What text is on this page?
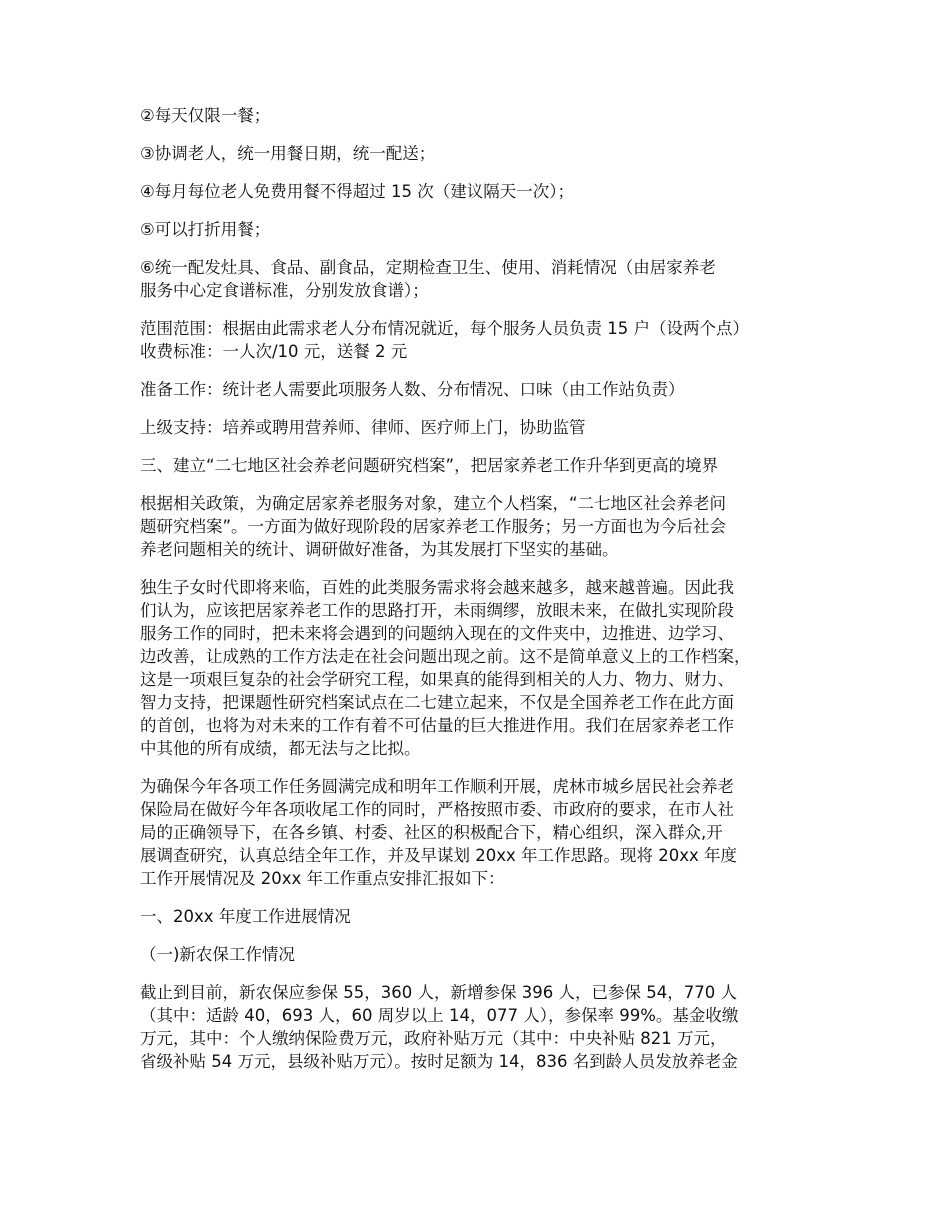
②每天仅限一餐；
③协调老人，统一用餐日期，统一配送；
④每月每位老人免费用餐不得超过 15 次（建议隔天一次）；
⑤可以打折用餐；
⑥统一配发灶具、食品、副食品，定期检查卫生、使用、消耗情况（由居家养老
服务中心定食谱标准，分别发放食谱）；
范围范围：根据由此需求老人分布情况就近，每个服务人员负责 15 户（设两个点）
收费标准：一人次/10 元，送餐 2 元
准备工作：统计老人需要此项服务人数、分布情况、口味（由工作站负责）
上级支持：培养或聘用营养师、律师、医疗师上门，协助监管
三、建立“二七地区社会养老问题研究档案”，把居家养老工作升华到更高的境界
根据相关政策，为确定居家养老服务对象，建立个人档案，“二七地区社会养老问
题研究档案”。一方面为做好现阶段的居家养老工作服务；另一方面也为今后社会
养老问题相关的统计、调研做好准备，为其发展打下坚实的基础。
独生子女时代即将来临，百姓的此类服务需求将会越来越多，越来越普遍。因此我
们认为，应该把居家养老工作的思路打开，未雨绸缪，放眼未来，在做扎实现阶段
服务工作的同时，把未来将会遇到的问题纳入现在的文件夹中，边推进、边学习、
边改善，让成熟的工作方法走在社会问题出现之前。这不是简单意义上的工作档案，
这是一项艰巨复杂的社会学研究工程，如果真的能得到相关的人力、物力、财力、
智力支持，把课题性研究档案试点在二七建立起来，不仅是全国养老工作在此方面
的首创，也将为对未来的工作有着不可估量的巨大推进作用。我们在居家养老工作
中其他的所有成绩，都无法与之比拟。
为确保今年各项工作任务圆满完成和明年工作顺利开展，虎林市城乡居民社会养老
保险局在做好今年各项收尾工作的同时，严格按照市委、市政府的要求，在市人社
局的正确领导下，在各乡镇、村委、社区的积极配合下，精心组织，深入群众,开
展调查研究，认真总结全年工作，并及早谋划 20xx 年工作思路。现将 20xx 年度
工作开展情况及 20xx 年工作重点安排汇报如下：
一、20xx 年度工作进展情况
（一)新农保工作情况
截止到目前，新农保应参保 55，360 人，新增参保 396 人，已参保 54，770 人
（其中：适龄 40，693 人，60 周岁以上 14，077 人），参保率 99%。基金收缴
万元，其中：个人缴纳保险费万元，政府补贴万元（其中：中央补贴 821 万元，
省级补贴 54 万元，县级补贴万元）。按时足额为 14，836 名到龄人员发放养老金
